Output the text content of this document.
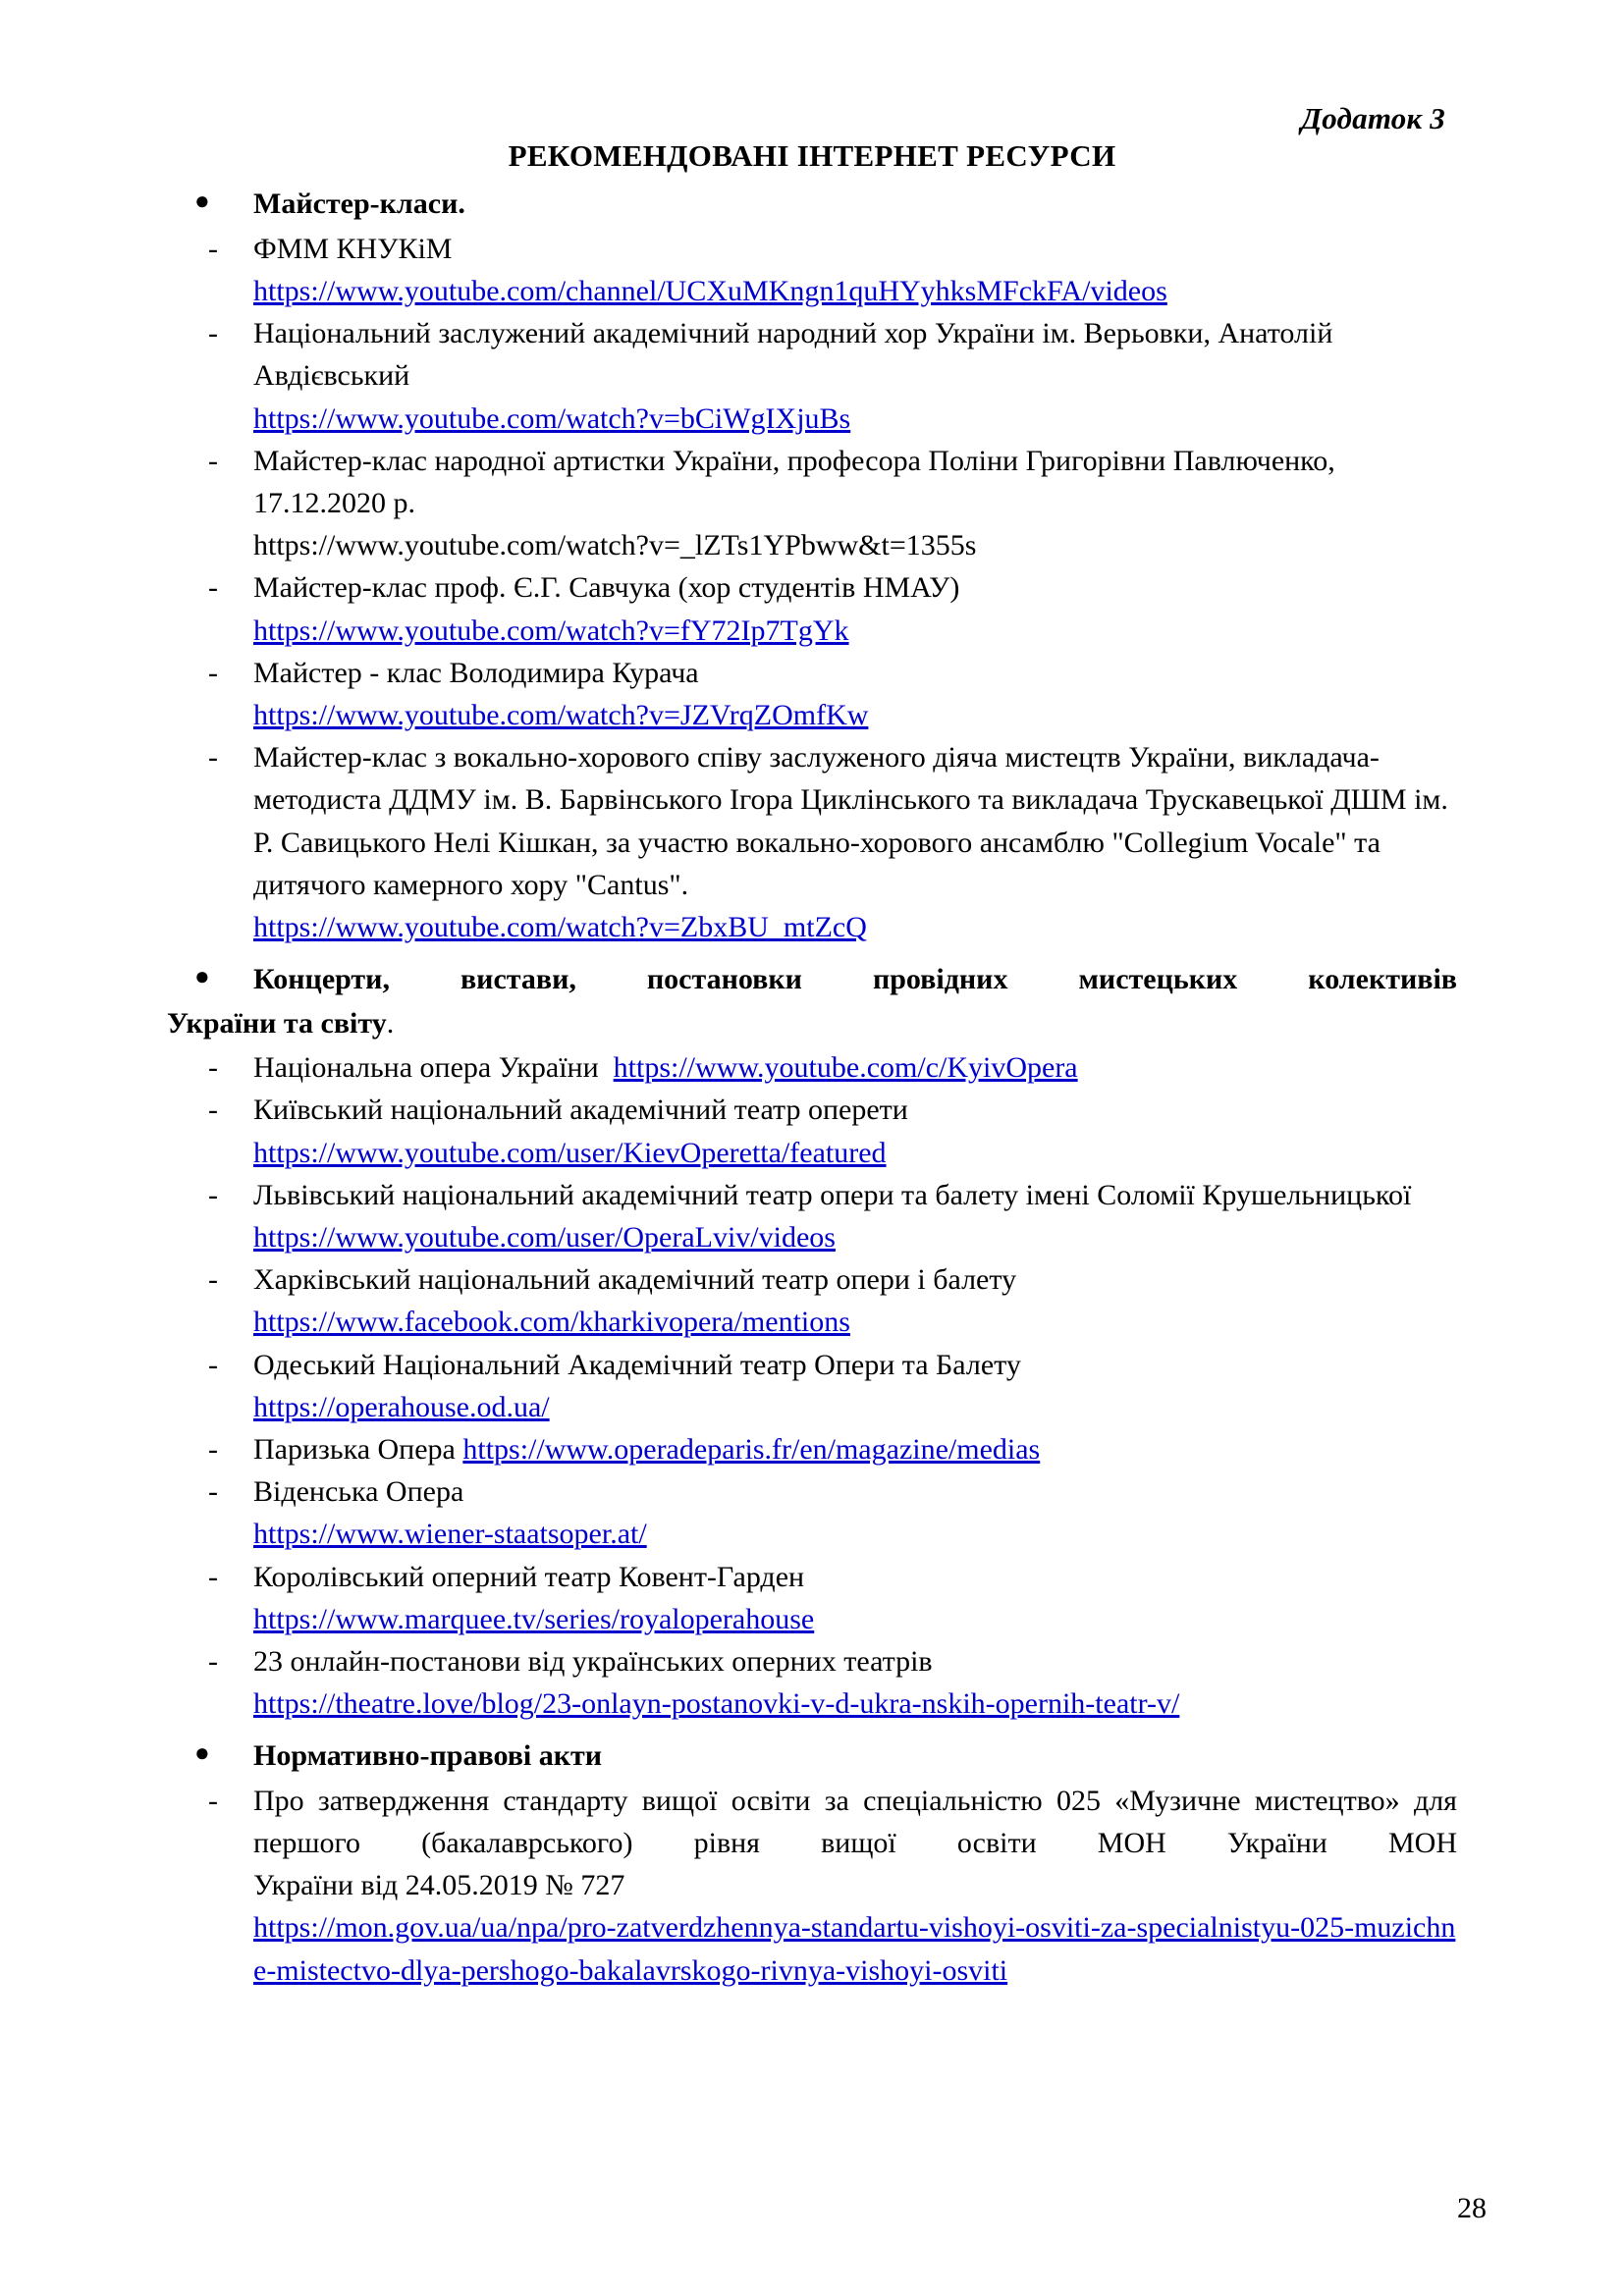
Додаток 3
РЕКОМЕНДОВАНІ ІНТЕРНЕТ РЕСУРСИ
●	Майстер-класи.
-	ФММ КНУКіМ
https://www.youtube.com/channel/UCXuMKngn1quHYyhksMFckFA/videos
-	Національний заслужений академічний народний хор України ім. Верьовки, Анатолій Авдієвський
https://www.youtube.com/watch?v=bCiWgIXjuBs
-	Майстер-клас народної артистки України, професора Поліни Григорівни Павлюченко, 17.12.2020 р.
https://www.youtube.com/watch?v=_lZTs1YPbww&t=1355s
-	Майстер-клас проф. Є.Г. Савчука (хор студентів НМАУ)
https://www.youtube.com/watch?v=fY72Ip7TgYk
-	Майстер - клас Володимира Курача
https://www.youtube.com/watch?v=JZVrqZOmfKw
-	Майстер-клас з вокально-хорового співу заслуженого діяча мистецтв України, викладача-методиста ДДМУ ім. В. Барвінського Ігора Циклінського та викладача Трускавецької ДШМ ім. Р. Савицького Нелі Кішкан, за участю вокально-хорового ансамблю "Collegium Vocale" та дитячого камерного хору "Cantus".
https://www.youtube.com/watch?v=ZbxBU_mtZcQ
●	Концерти, вистави, постановки провідних мистецьких колективів
України та світу.
-	Національна опера України https://www.youtube.com/c/KyivOpera
-	Київський національний академічний театр оперети
https://www.youtube.com/user/KievOperetta/featured
-	Львівський національний академічний театр опери та балету імені Соломії Крушельницької   https://www.youtube.com/user/OperaLviv/videos
-	Харківський національний академічний театр опери і балету
https://www.facebook.com/kharkivopera/mentions
-	Одеський Національний Академічний театр Опери та Балету
https://operahouse.od.ua/
-	Паризька Опера https://www.operadeparis.fr/en/magazine/medias
-	Віденська Опера
https://www.wiener-staatsoper.at/
-	Королівський оперний театр Ковент-Гарден
https://www.marquee.tv/series/royaloperahouse
-	23 онлайн-постанови від українських оперних театрів
https://theatre.love/blog/23-onlayn-postanovki-v-d-ukra-nskih-opernih-teatr-v/
●	Нормативно-правові акти
-	Про затвердження стандарту вищої освіти за спеціальністю 025 «Музичне мистецтво» для першого (бакалаврського) рівня вищої освіти МОН України МОН
України від 24.05.2019 № 727
https://mon.gov.ua/ua/npa/pro-zatverdzhennya-standartu-vishoyi-osviti-za-specialnistyu-025-muzichne-mistectvo-dlya-pershogo-bakalavrskogo-rivnya-vishoyi-osviti
28
